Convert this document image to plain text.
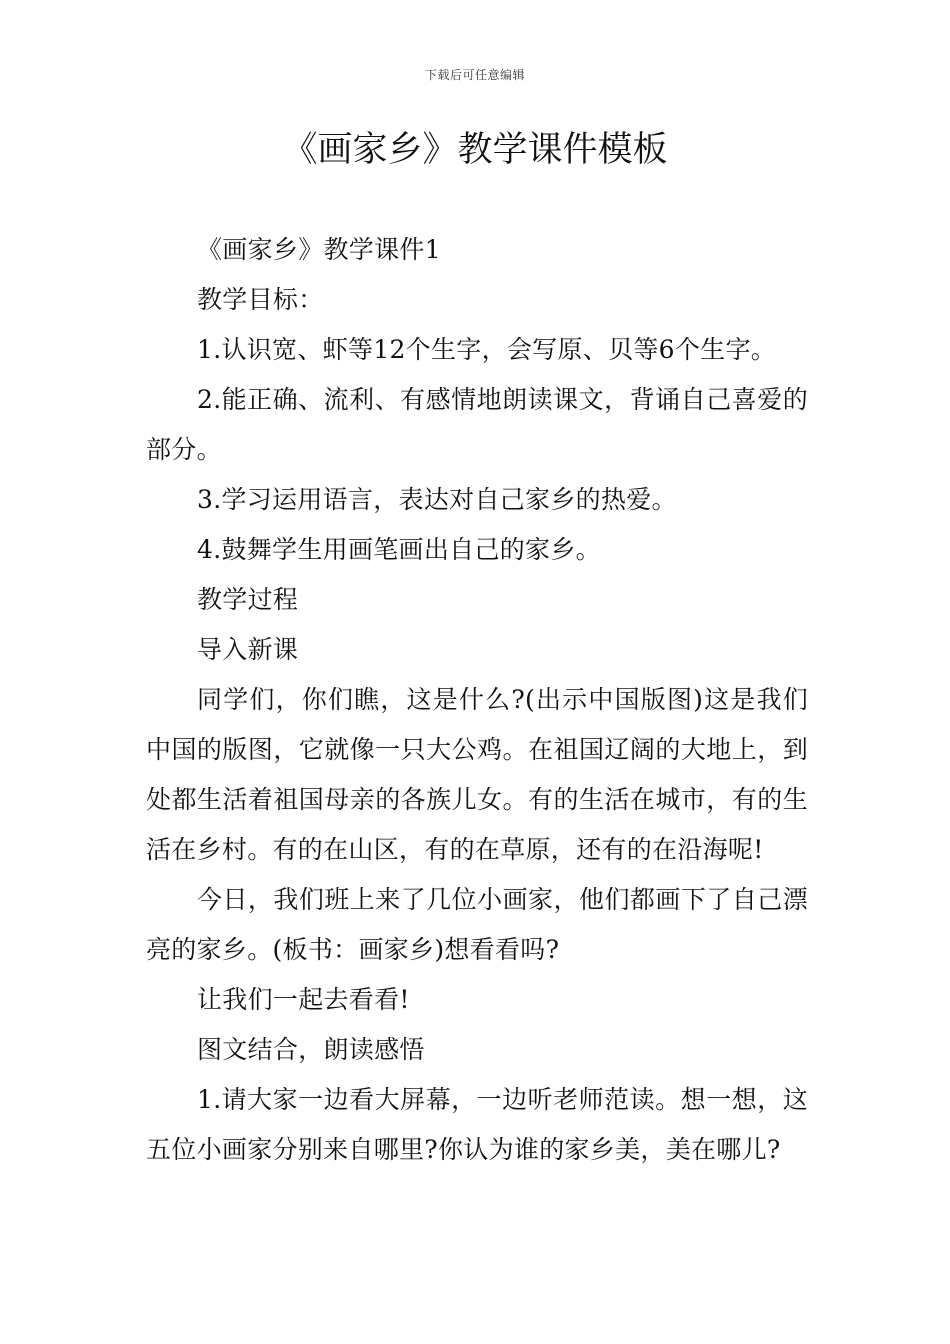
下载后可任意编辑
《画家乡》教学课件模板

《画家乡》教学课件1

教学目标：

1.认识宽、虾等12个生字，会写原、贝等6个生字。

2.能正确、流利、有感情地朗读课文，背诵自己喜爱的部分。

3.学习运用语言，表达对自己家乡的热爱。

4.鼓舞学生用画笔画出自己的家乡。

教学过程

导入新课

同学们，你们瞧，这是什么?(出示中国版图)这是我们中国的版图，它就像一只大公鸡。在祖国辽阔的大地上，到处都生活着祖国母亲的各族儿女。有的生活在城市，有的生活在乡村。有的在山区，有的在草原，还有的在沿海呢!

今日，我们班上来了几位小画家，他们都画下了自己漂亮的家乡。(板书：画家乡)想看看吗?

让我们一起去看看!

图文结合，朗读感悟

1.请大家一边看大屏幕，一边听老师范读。想一想，这五位小画家分别来自哪里?你认为谁的家乡美，美在哪儿?
